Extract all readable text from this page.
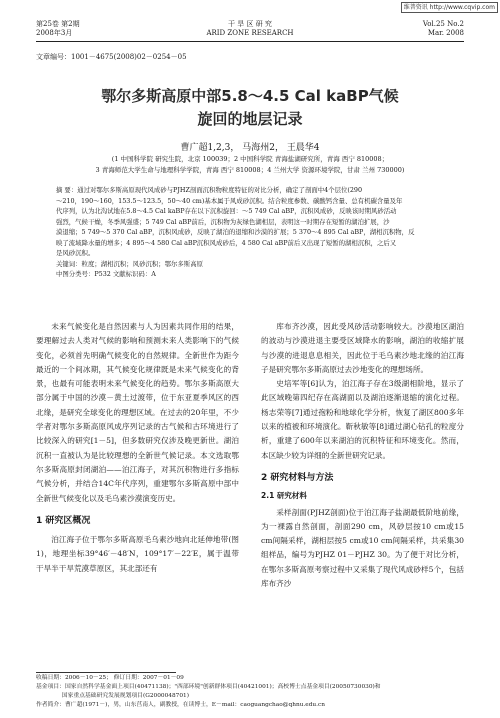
维普资讯 http://www.cqvip.com
第25卷 第2期
2008年3月
干 旱 区 研 究
ARID ZONE RESEARCH
Vol.25 No.2
Mar. 2008
文章编号：1001－4675(2008)02－0254－05
鄂尔多斯高原中部5.8～4.5 Cal kaBP气候
旋回的地层记录
曹广超1,2,3， 马海州2， 王晨华4
(1 中国科学院 研究生院，北京 100039；2 中国科学院 青海盐湖研究所，青海 西宁 810008；
3 青海师范大学生命与地理科学学院，青海 西宁 810008；4 兰州大学 资源环境学院，甘肃 兰州 730000)
摘 要：通过对鄂尔多斯高原现代风成砂与PJHZ剖面沉积物粒度特征的对比分析，确定了剖面中4个层位(290
～210，190～160，153.5～123.5，50～40 cm)基本属于风成砂沉积。结合粒度参数、碳酸钙含量、总有机碳含量及年
代序列，认为北沟试地在5.8～4.5 Cal kaBP存在以下沉积旋回：～5 749 Cal aBP，沉积风成砂，反映该时期风砂活动
强烈，气候干燥，冬季风强盛；5 749 Cal aBP前后，沉积物为灰绿色湖相层，表明这一时期存在短暂的湖泊扩展，沙
漠退缩；5 749～5 370 Cal aBP，沉积风成砂，反映了湖泊的退缩和沙漠的扩展；5 370～4 895 Cal aBP，湖相沉积物，反
映了流域降水量的增多；4 895～4 580 Cal aBP沉积风成砂后，4 580 Cal aBP前后又出现了短暂的湖相沉积，之后又
是风砂沉积。
关键词：粒度；湖相沉积；风砂沉积；鄂尔多斯高原
中图分类号：P532 文献标识码：A

未来气候变化是自然因素与人为因素共同作用的结果，要理解过去人类对气候的影响和预测未来人类影响下的气候变化，必须首先明确气候变化的自然规律。全新世作为距今最近的一个间冰期，其气候变化规律既是未来气候变化的背景，也最有可能表明未来气候变化的趋势。鄂尔多斯高原大部分属于中国的沙漠－黄土过渡带，位于东亚夏季风区的西北缘，是研究全球变化的理想区域。在过去的20年里，不少学者对鄂尔多斯高原风成序列记录的古气候和古环境进行了比较深入的研究[1－5]，但多数研究仅涉及晚更新世。湖泊沉积一直被认为是比较理想的全新世气候记录。本文选取鄂尔多斯高原封闭湖泊——泊江海子，对其沉积物进行多指标气候分析，并结合14C年代序列，重建鄂尔多斯高原中部中全新世气候变化以及毛乌素沙漠演变历史。

1 研究区概况

泊江海子位于鄂尔多斯高原毛乌素沙地向北延伸地带(图1)，地理坐标39°46′－48′N，109°17′－22′E，属于温带干旱半干旱荒漠草原区，其北部还有

库布齐沙漠，因此受风砂活动影响较大。沙漠地区湖泊的波动与沙漠进退主要受区域降水的影响，湖泊的收缩扩展与沙漠的进退息息相关，因此位于毛乌素沙地北缘的泊江海子是研究鄂尔多斯高原过去沙地变化的理想场所。

史培军等[6]认为，泊江海子存在3级湖相阶地，显示了此区域晚第四纪存在高湖面以及湖泊逐渐退缩的演化过程。杨志荣等[7]通过孢粉和地球化学分析，恢复了湖区800多年以来的植被和环境演化。靳秋敏等[8]通过湖心钻孔的粒度分析，重建了600年以来湖泊的沉积特征和环境变化。然而，本区缺少较为详细的全新世研究记录。

2 研究材料与方法
2.1 研究材料

采样剖面(PJHZ剖面)位于泊江海子盐湖最低阶地前缘，为一裸露自然剖面，剖面290 cm，风砂层按10 cm或15 cm间隔采样，湖相层按5 cm或10 cm间隔采样，共采集30组样品，编号为PJHZ 01－PJHZ 30。为了便于对比分析，在鄂尔多斯高原考察过程中又采集了现代风成砂样5个，包括库布齐沙

收稿日期：2006－10－25； 修订日期：2007－01－09
基金项目：国家自然科学基金面上项目(40471138)；"西部环境"创新群体项目(40421001)；高校博士点基金项目(20050730030)和
国家重点基础研究发展规划项目(G2000048701)
作者简介：曹广超(1971－)，男，山东莒南人，副教授，在读博士，E－mail：caoguangchao@qhnu.edu.cn
